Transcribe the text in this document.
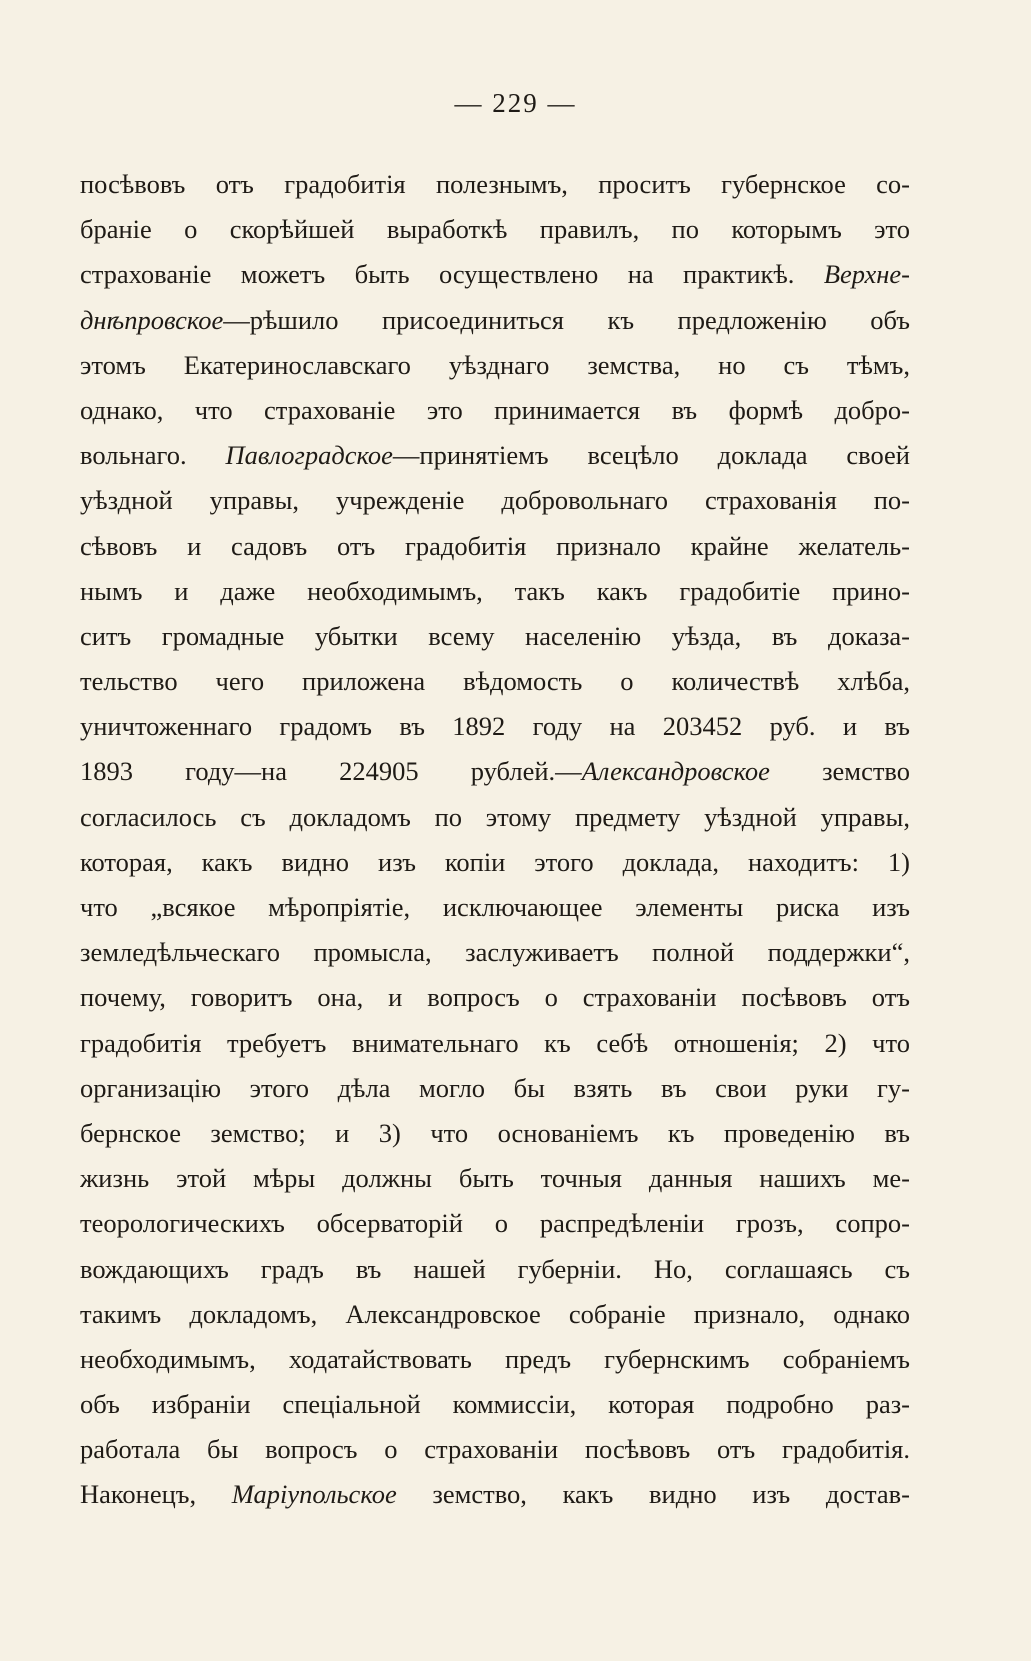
— 229 —
посѣвовъ отъ градобитія полезнымъ, проситъ губернское со-
браніе о скорѣйшей выработкѣ правилъ, по которымъ это
страхованіе можетъ быть осуществлено на практикѣ. Верхне-
днѣпровское—рѣшило присоединиться къ предложенію объ
этомъ Екатеринославскаго уѣзднаго земства, но съ тѣмъ,
однако, что страхованіе это принимается въ формѣ добро-
вольнаго. Павлоградское—принятіемъ всецѣло доклада своей
уѣздной управы, учрежденіе добровольнаго страхованія по-
сѣвовъ и садовъ отъ градобитія признало крайне желатель-
нымъ и даже необходимымъ, такъ какъ градобитіе прино-
ситъ громадные убытки всему населенію уѣзда, въ доказа-
тельство чего приложена вѣдомость о количествѣ хлѣба,
уничтоженнаго градомъ въ 1892 году на 203452 руб. и въ
1893 году—на 224905 рублей.—Александровское земство
согласилось съ докладомъ по этому предмету уѣздной управы,
которая, какъ видно изъ копіи этого доклада, находитъ: 1)
что „всякое мѣропріятіе, исключающее элементы риска изъ
земледѣльческаго промысла, заслуживаетъ полной поддержки“,
почему, говоритъ она, и вопросъ о страхованіи посѣвовъ отъ
градобитія требуетъ внимательнаго къ себѣ отношенія; 2) что
организацію этого дѣла могло бы взять въ свои руки гу-
бернское земство; и 3) что основаніемъ къ проведенію въ
жизнь этой мѣры должны быть точныя данныя нашихъ ме-
теорологическихъ обсерваторій о распредѣленіи грозъ, сопро-
вождающихъ градъ въ нашей губерніи. Но, соглашаясь съ
такимъ докладомъ, Александровское собраніе признало, однако
необходимымъ, ходатайствовать предъ губернскимъ собраніемъ
объ избраніи спеціальной коммиссіи, которая подробно раз-
работала бы вопросъ о страхованіи посѣвовъ отъ градобитія.
Наконецъ, Маріупольское земство, какъ видно изъ достав-
